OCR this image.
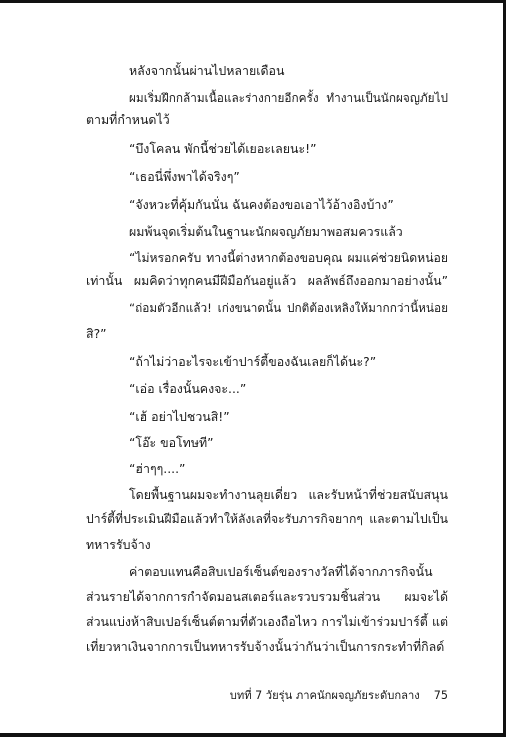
หลังจากนั้นผ่านไปหลายเดือน
ผมเริ่มฝึกกล้ามเนื้อและร่างกายอีกครั้ง ทำงานเป็นนักผจญภัยไป
ตามที่กำหนดไว้
“บึงโคลน พักนี้ช่วยได้เยอะเลยนะ!”
“เธอนี่พึ่งพาได้จริงๆ”
“จังหวะที่คุ้มกันนั่น ฉันคงต้องขอเอาไว้อ้างอิงบ้าง”
ผมพ้นจุดเริ่มต้นในฐานะนักผจญภัยมาพอสมควรแล้ว
“ไม่หรอกครับ ทางนี้ต่างหากต้องขอบคุณ ผมแค่ช่วยนิดหน่อย
เท่านั้น ผมคิดว่าทุกคนมีฝีมือกันอยู่แล้ว ผลลัพธ์ถึงออกมาอย่างนั้น”
“ถ่อมตัวอีกแล้ว! เก่งขนาดนั้น ปกติต้องเหลิงให้มากกว่านี้หน่อย
สิ?”
“ถ้าไม่ว่าอะไรจะเข้าปาร์ตี้ของฉันเลยก็ได้นะ?”
“เอ่อ เรื่องนั้นคงจะ...”
“เฮ้ อย่าไปชวนสิ!”
“โอ๊ะ ขอโทษที”
“ฮ่าๆๆ....”
โดยพื้นฐานผมจะทำงานลุยเดี่ยว และรับหน้าที่ช่วยสนับสนุน
ปาร์ตี้ที่ประเมินฝีมือแล้วทำให้ลังเลที่จะรับภารกิจยากๆ และตามไปเป็น
ทหารรับจ้าง
ค่าตอบแทนคือสิบเปอร์เซ็นต์ของรางวัลที่ได้จากภารกิจนั้น
ส่วนรายได้จากการกำจัดมอนสเตอร์และรวบรวมชิ้นส่วน ผมจะได้
ส่วนแบ่งห้าสิบเปอร์เซ็นต์ตามที่ตัวเองถือไหว การไม่เข้าร่วมปาร์ตี้ แต่
เที่ยวหาเงินจากการเป็นทหารรับจ้างนั้นว่ากันว่าเป็นการกระทำที่กิลด์
บทที่ 7 วัยรุ่น ภาคนักผจญภัยระดับกลาง 75
